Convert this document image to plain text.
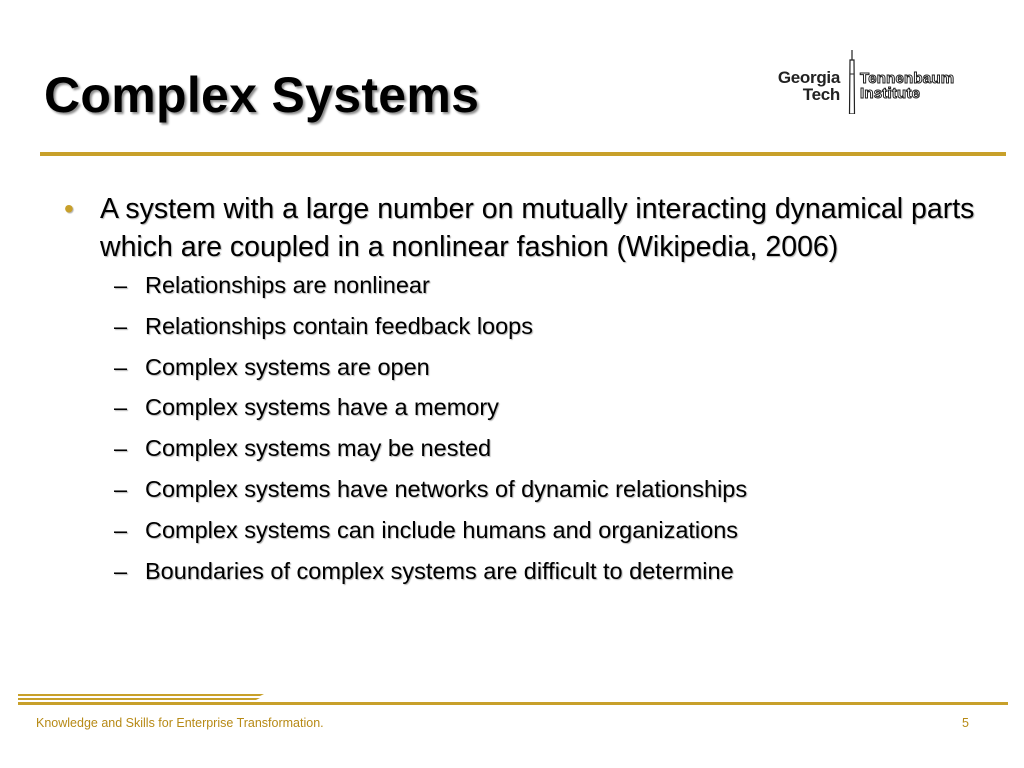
Complex Systems	Georgia
Tech
Tennenbaum
Institute
• A system with a large number on mutually interacting dynamical parts which are coupled in a nonlinear fashion (Wikipedia, 2006)
– Relationships are nonlinear
– Relationships contain feedback loops
– Complex systems are open
– Complex systems have a memory
– Complex systems may be nested
– Complex systems have networks of dynamic relationships
– Complex systems can include humans and organizations
– Boundaries of complex systems are difficult to determine
Knowledge and Skills for Enterprise Transformation.	5
